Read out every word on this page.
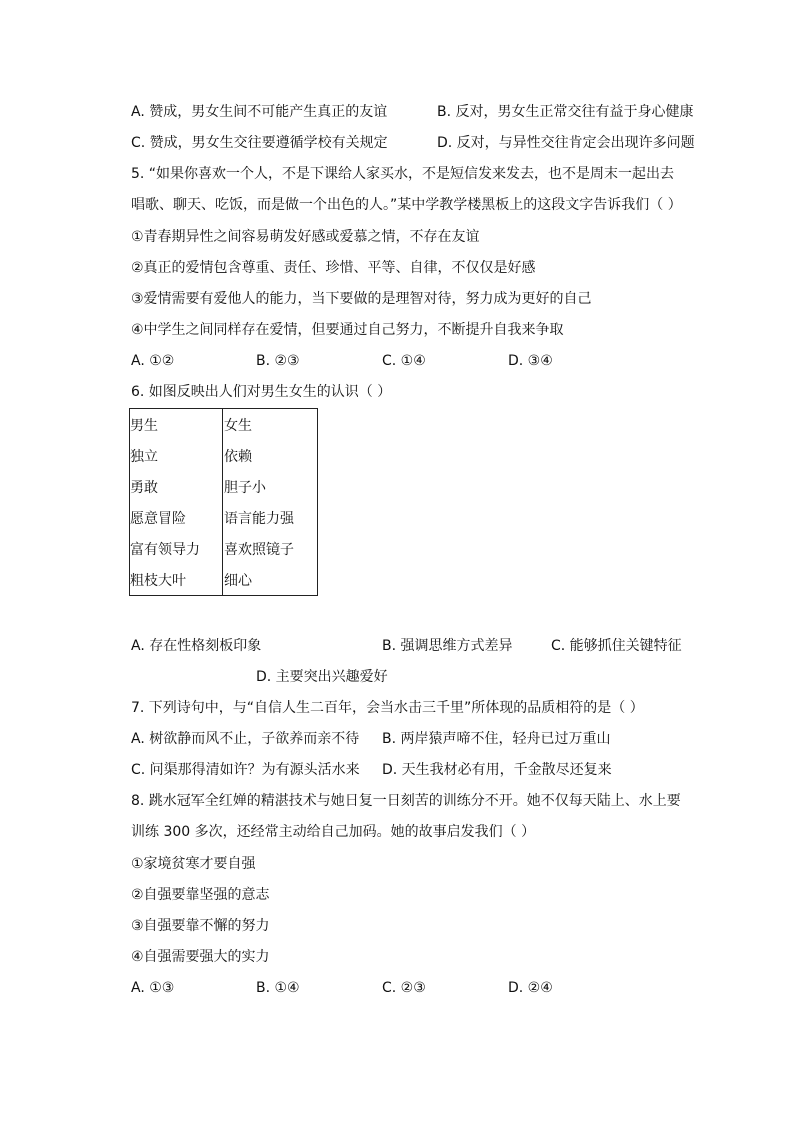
A. 赞成，男女生间不可能产生真正的友谊	B. 反对，男女生正常交往有益于身心健康
C. 赞成，男女生交往要遵循学校有关规定	D. 反对，与异性交往肯定会出现许多问题
5. “如果你喜欢一个人，不是下课给人家买水，不是短信发来发去，也不是周末一起出去
唱歌、聊天、吃饭，而是做一个出色的人。”某中学教学楼黑板上的这段文字告诉我们（ ）
①青春期异性之间容易萌发好感或爱慕之情，不存在友谊
②真正的爱情包含尊重、责任、珍惜、平等、自律，不仅仅是好感
③爱情需要有爱他人的能力，当下要做的是理智对待，努力成为更好的自己
④中学生之间同样存在爱情，但要通过自己努力，不断提升自我来争取
A. ①②	B. ②③	C. ①④	D. ③④
6. 如图反映出人们对男生女生的认识（ ）
男生	女生
独立	依赖
勇敢	胆子小
愿意冒险	语言能力强
富有领导力	喜欢照镜子
粗枝大叶	细心
A. 存在性格刻板印象	B. 强调思维方式差异	C. 能够抓住关键特征
D. 主要突出兴趣爱好
7. 下列诗句中，与“自信人生二百年，会当水击三千里”所体现的品质相符的是（ ）
A. 树欲静而风不止，子欲养而亲不待 B. 两岸猿声啼不住，轻舟已过万重山
C. 问渠那得清如许？为有源头活水来 D. 天生我材必有用，千金散尽还复来
8. 跳水冠军全红婵的精湛技术与她日复一日刻苦的训练分不开。她不仅每天陆上、水上要
训练 300 多次，还经常主动给自己加码。她的故事启发我们（ ）
①家境贫寒才要自强
②自强要靠坚强的意志
③自强要靠不懈的努力
④自强需要强大的实力
A. ①③	B. ①④	C. ②③	D. ②④
